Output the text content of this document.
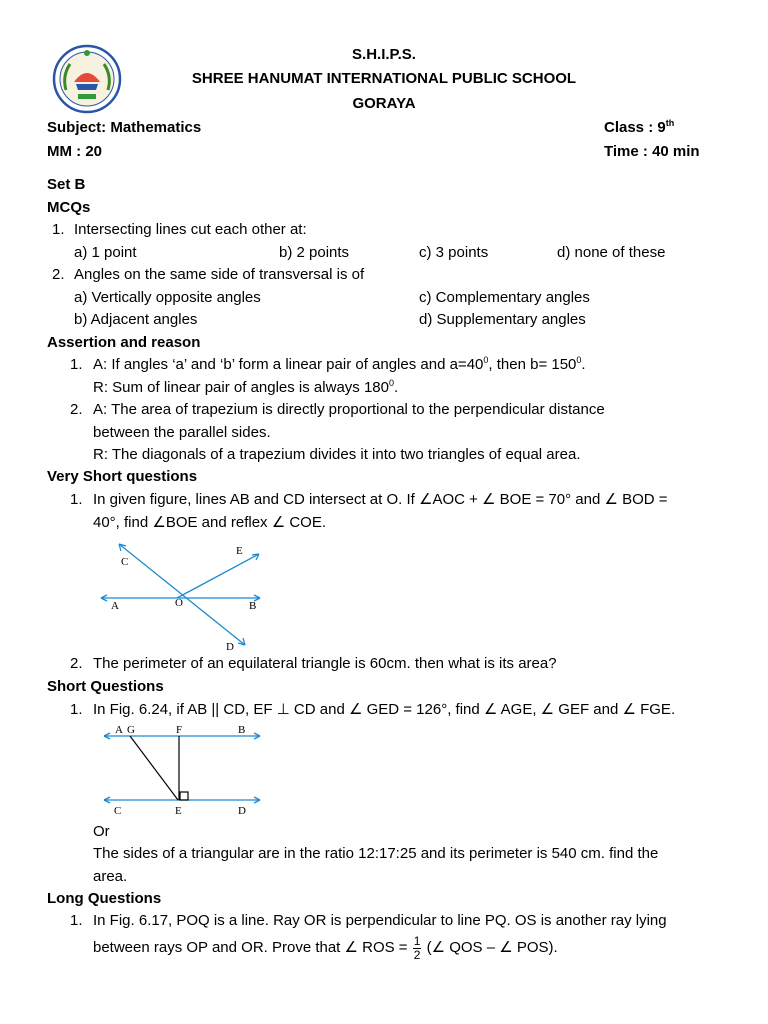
S.H.I.P.S.
SHREE HANUMAT INTERNATIONAL PUBLIC SCHOOL
GORAYA
Subject: Mathematics	Class : 9th
MM : 20	Time : 40 min
Set B
MCQs
1. Intersecting lines cut each other at:
a) 1 point	b) 2 points	c) 3 points	d) none of these
2. Angles on the same side of transversal is of
a) Vertically opposite angles	c) Complementary angles
b) Adjacent angles	d) Supplementary angles
Assertion and reason
1. A: If angles ‘a’ and ‘b’ form a linear pair of angles and $a=40^0$, then $b= 150^0$.
R: Sum of linear pair of angles is always $180^0$.
2. A: The area of trapezium is directly proportional to the perpendicular distance
between the parallel sides.
R: The diagonals of a trapezium divides it into two triangles of equal area.
Very Short questions
1. In given figure, lines AB and CD intersect at O. If ∠AOC + ∠ BOE = 70° and ∠ BOD =
40°, find ∠BOE and reflex ∠ COE.
C
E
A	O	B
D
2. The perimeter of an equilateral triangle is 60cm. then what is its area?
Short Questions
1. In Fig. 6.24, if AB || CD, EF ⊥ CD and ∠ GED = 126°, find ∠ AGE, ∠ GEF and ∠ FGE.
A G	F	B
C	E	D
Or
The sides of a triangular are in the ratio 12:17:25 and its perimeter is 540 cm. find the
area.
Long Questions
1. In Fig. 6.17, POQ is a line. Ray OR is perpendicular to line PQ. OS is another ray lying
between rays OP and OR. Prove that ∠ ROS = $\frac{1}{2}$ (∠ QOS – ∠ POS).
